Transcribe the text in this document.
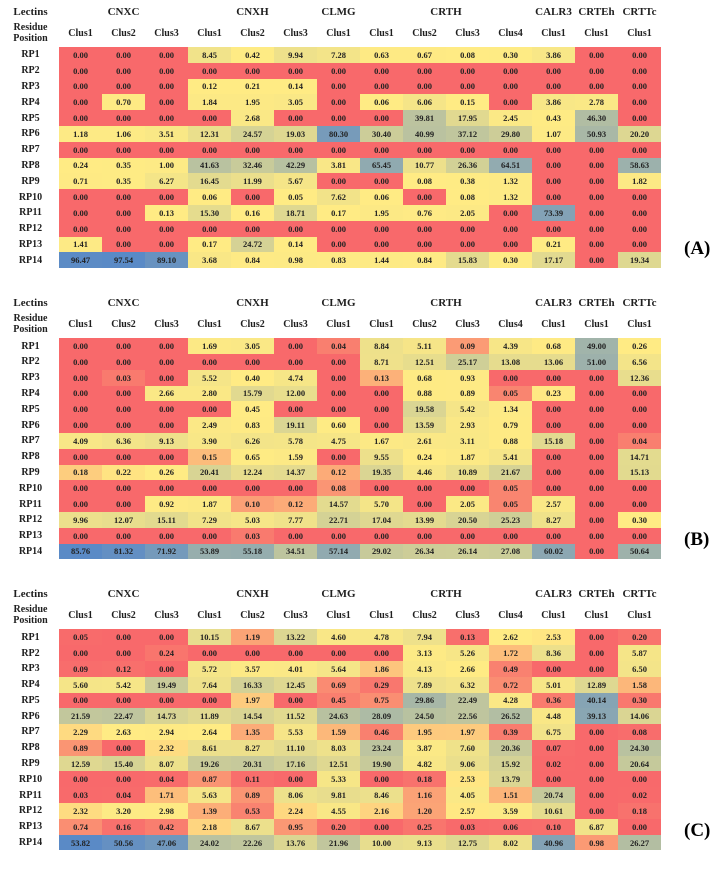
Lectins	CNXC			CNXH			CLMG	CRTH				CALR3	CRTEh	CRTTc

Residue
Position	Clus1	Clus2	Clus3	Clus1	Clus2	Clus3	Clus1	Clus1	Clus2	Clus3	Clus4	Clus1	Clus1	Clus1
RP1	0.00	0.00	0.00	8.45	0.42	9.94	7.28	0.63	0.67	0.08	0.30	3.86	0.00	0.00
RP2	0.00	0.00	0.00	0.00	0.00	0.00	0.00	0.00	0.00	0.00	0.00	0.00	0.00	0.00
RP3	0.00	0.00	0.00	0.12	0.21	0.14	0.00	0.00	0.00	0.00	0.00	0.00	0.00	0.00
RP4	0.00	0.70	0.00	1.84	1.95	3.05	0.00	0.06	6.06	0.15	0.00	3.86	2.78	0.00
RP5	0.00	0.00	0.00	0.00	2.68	0.00	0.00	0.00	39.81	17.95	2.45	0.43	46.30	0.00
RP6	1.18	1.06	3.51	12.31	24.57	19.03	80.30	30.40	40.99	37.12	29.80	1.07	50.93	20.20
RP7	0.00	0.00	0.00	0.00	0.00	0.00	0.00	0.00	0.00	0.00	0.00	0.00	0.00	0.00
RP8	0.24	0.35	1.00	41.63	32.46	42.29	3.81	65.45	10.77	26.36	64.51	0.00	0.00	58.63
RP9	0.71	0.35	6.27	16.45	11.99	5.67	0.00	0.00	0.08	0.38	1.32	0.00	0.00	1.82
RP10	0.00	0.00	0.00	0.06	0.00	0.05	7.62	0.06	0.00	0.08	1.32	0.00	0.00	0.00
RP11	0.00	0.00	0.13	15.30	0.16	18.71	0.17	1.95	0.76	2.05	0.00	73.39	0.00	0.00
RP12	0.00	0.00	0.00	0.00	0.00	0.00	0.00	0.00	0.00	0.00	0.00	0.00	0.00	0.00
RP13	1.41	0.00	0.00	0.17	24.72	0.14	0.00	0.00	0.00	0.00	0.00	0.21	0.00	0.00
RP14	96.47	97.54	89.10	3.68	0.84	0.98	0.83	1.44	0.84	15.83	0.30	17.17	0.00	19.34
(A)
Lectins	CNXC			CNXH			CLMG	CRTH				CALR3	CRTEh	CRTTc

Residue
Position	Clus1	Clus2	Clus3	Clus1	Clus2	Clus3	Clus1	Clus1	Clus2	Clus3	Clus4	Clus1	Clus1	Clus1
RP1	0.00	0.00	0.00	1.69	3.05	0.00	0.04	8.84	5.11	0.09	4.39	0.68	49.00	0.26
RP2	0.00	0.00	0.00	0.00	0.00	0.00	0.00	8.71	12.51	25.17	13.08	13.06	51.00	6.56
RP3	0.00	0.03	0.00	5.52	0.40	4.74	0.00	0.13	0.68	0.93	0.00	0.00	0.00	12.36
RP4	0.00	0.00	2.66	2.80	15.79	12.00	0.00	0.00	0.88	0.89	0.05	0.23	0.00	0.00
RP5	0.00	0.00	0.00	0.00	0.45	0.00	0.00	0.00	19.58	5.42	1.34	0.00	0.00	0.00
RP6	0.00	0.00	0.00	2.49	0.83	19.11	0.60	0.00	13.59	2.93	0.79	0.00	0.00	0.00
RP7	4.09	6.36	9.13	3.90	6.26	5.78	4.75	1.67	2.61	3.11	0.88	15.18	0.00	0.04
RP8	0.00	0.00	0.00	0.15	0.65	1.59	0.00	9.55	0.24	1.87	5.41	0.00	0.00	14.71
RP9	0.18	0.22	0.26	20.41	12.24	14.37	0.12	19.35	4.46	10.89	21.67	0.00	0.00	15.13
RP10	0.00	0.00	0.00	0.00	0.00	0.00	0.08	0.00	0.00	0.00	0.05	0.00	0.00	0.00
RP11	0.00	0.00	0.92	1.87	0.10	0.12	14.57	5.70	0.00	2.05	0.05	2.57	0.00	0.00
RP12	9.96	12.07	15.11	7.29	5.03	7.77	22.71	17.04	13.99	20.50	25.23	8.27	0.00	0.30
RP13	0.00	0.00	0.00	0.00	0.03	0.00	0.00	0.00	0.00	0.00	0.00	0.00	0.00	0.00
RP14	85.76	81.32	71.92	53.89	55.18	34.51	57.14	29.02	26.34	26.14	27.08	60.02	0.00	50.64
(B)
Lectins	CNXC			CNXH			CLMG	CRTH				CALR3	CRTEh	CRTTc

Residue
Position	Clus1	Clus2	Clus3	Clus1	Clus2	Clus3	Clus1	Clus1	Clus2	Clus3	Clus4	Clus1	Clus1	Clus1
RP1	0.05	0.00	0.00	10.15	1.19	13.22	4.60	4.78	7.94	0.13	2.62	2.53	0.00	0.20
RP2	0.00	0.00	0.24	0.00	0.00	0.00	0.00	0.00	3.13	5.26	1.72	8.36	0.00	5.87
RP3	0.09	0.12	0.00	5.72	3.57	4.01	5.64	1.86	4.13	2.66	0.49	0.00	0.00	6.50
RP4	5.60	5.42	19.49	7.64	16.33	12.45	0.69	0.29	7.89	6.32	0.72	5.01	12.89	1.58
RP5	0.00	0.00	0.00	0.00	1.97	0.00	0.45	0.75	29.86	22.49	4.28	0.36	40.14	0.30
RP6	21.59	22.47	14.73	11.89	14.54	11.52	24.63	28.09	24.50	22.56	26.52	4.48	39.13	14.06
RP7	2.29	2.63	2.94	2.64	1.35	5.53	1.59	0.46	1.95	1.97	0.39	6.75	0.00	0.08
RP8	0.89	0.00	2.32	8.61	8.27	11.10	8.03	23.24	3.87	7.60	20.36	0.07	0.00	24.30
RP9	12.59	15.40	8.07	19.26	20.31	17.16	12.51	19.90	4.82	9.06	15.92	0.02	0.00	20.64
RP10	0.00	0.00	0.04	0.87	0.11	0.00	5.33	0.00	0.18	2.53	13.79	0.00	0.00	0.00
RP11	0.03	0.04	1.71	5.63	0.89	8.06	9.81	8.46	1.16	4.05	1.51	20.74	0.00	0.02
RP12	2.32	3.20	2.98	1.39	0.53	2.24	4.55	2.16	1.20	2.57	3.59	10.61	0.00	0.18
RP13	0.74	0.16	0.42	2.18	8.67	0.95	0.20	0.00	0.25	0.03	0.06	0.10	6.87	0.00
RP14	53.82	50.56	47.06	24.02	22.26	13.76	21.96	10.00	9.13	12.75	8.02	40.96	0.98	26.27
(C)
